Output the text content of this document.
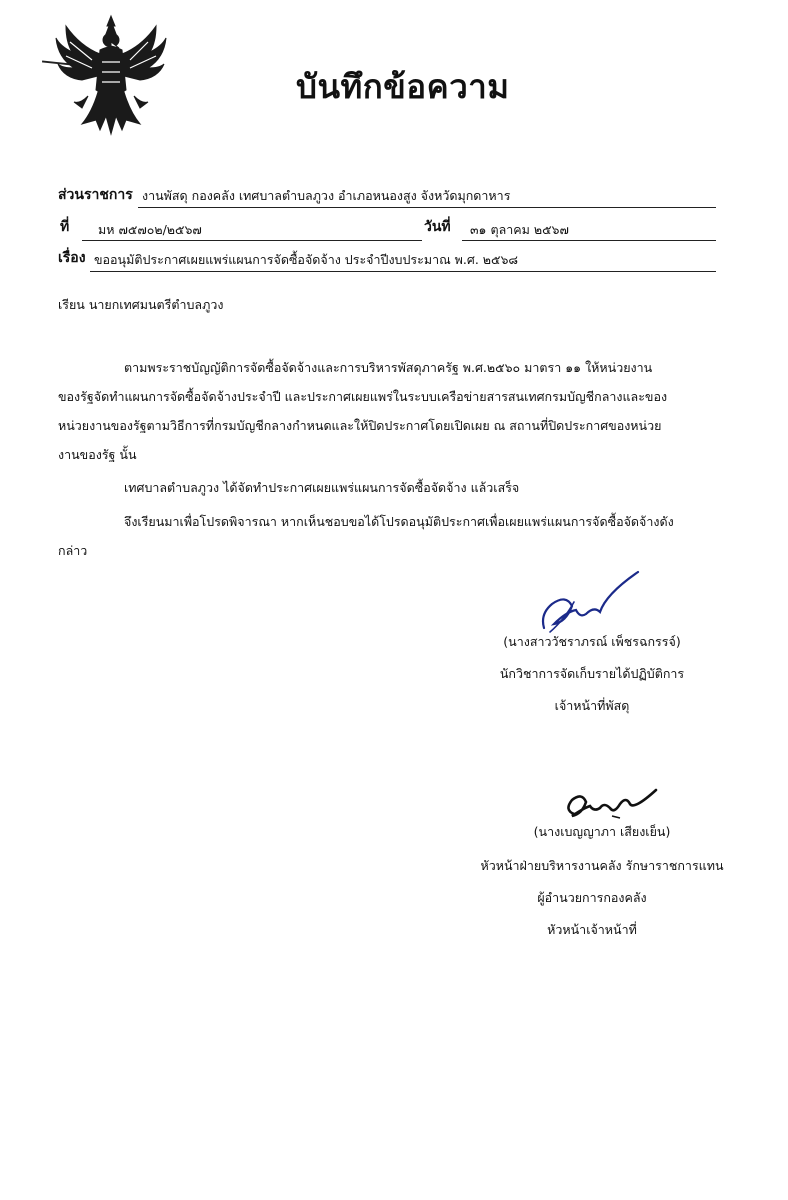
บันทึกข้อความ
ส่วนราชการ งานพัสดุ กองคลัง เทศบาลตำบลภูวง อำเภอหนองสูง จังหวัดมุกดาหาร
ที่ มห ๗๕๗๐๒/๒๕๖๗	วันที่ ๓๑ ตุลาคม ๒๕๖๗
เรื่อง ขออนุมัติประกาศเผยแพร่แผนการจัดซื้อจัดจ้าง ประจำปีงบประมาณ พ.ศ. ๒๕๖๘
เรียน นายกเทศมนตรีตำบลภูวง
ตามพระราชบัญญัติการจัดซื้อจัดจ้างและการบริหารพัสดุภาครัฐ พ.ศ.๒๕๖๐ มาตรา ๑๑ ให้หน่วยงาน
ของรัฐจัดทำแผนการจัดซื้อจัดจ้างประจำปี และประกาศเผยแพร่ในระบบเครือข่ายสารสนเทศกรมบัญชีกลางและของ
หน่วยงานของรัฐตามวิธีการที่กรมบัญชีกลางกำหนดและให้ปิดประกาศโดยเปิดเผย ณ สถานที่ปิดประกาศของหน่วย
งานของรัฐ นั้น
เทศบาลตำบลภูวง ได้จัดทำประกาศเผยแพร่แผนการจัดซื้อจัดจ้าง แล้วเสร็จ
จึงเรียนมาเพื่อโปรดพิจารณา หากเห็นชอบขอได้โปรดอนุมัติประกาศเพื่อเผยแพร่แผนการจัดซื้อจัดจ้างดัง
กล่าว
(นางสาววัชราภรณ์ เพ็ชรฉกรรจ์)
นักวิชาการจัดเก็บรายได้ปฏิบัติการ
เจ้าหน้าที่พัสดุ
(นางเบญญาภา เสียงเย็น)
หัวหน้าฝ่ายบริหารงานคลัง รักษาราชการแทน
ผู้อำนวยการกองคลัง
หัวหน้าเจ้าหน้าที่
